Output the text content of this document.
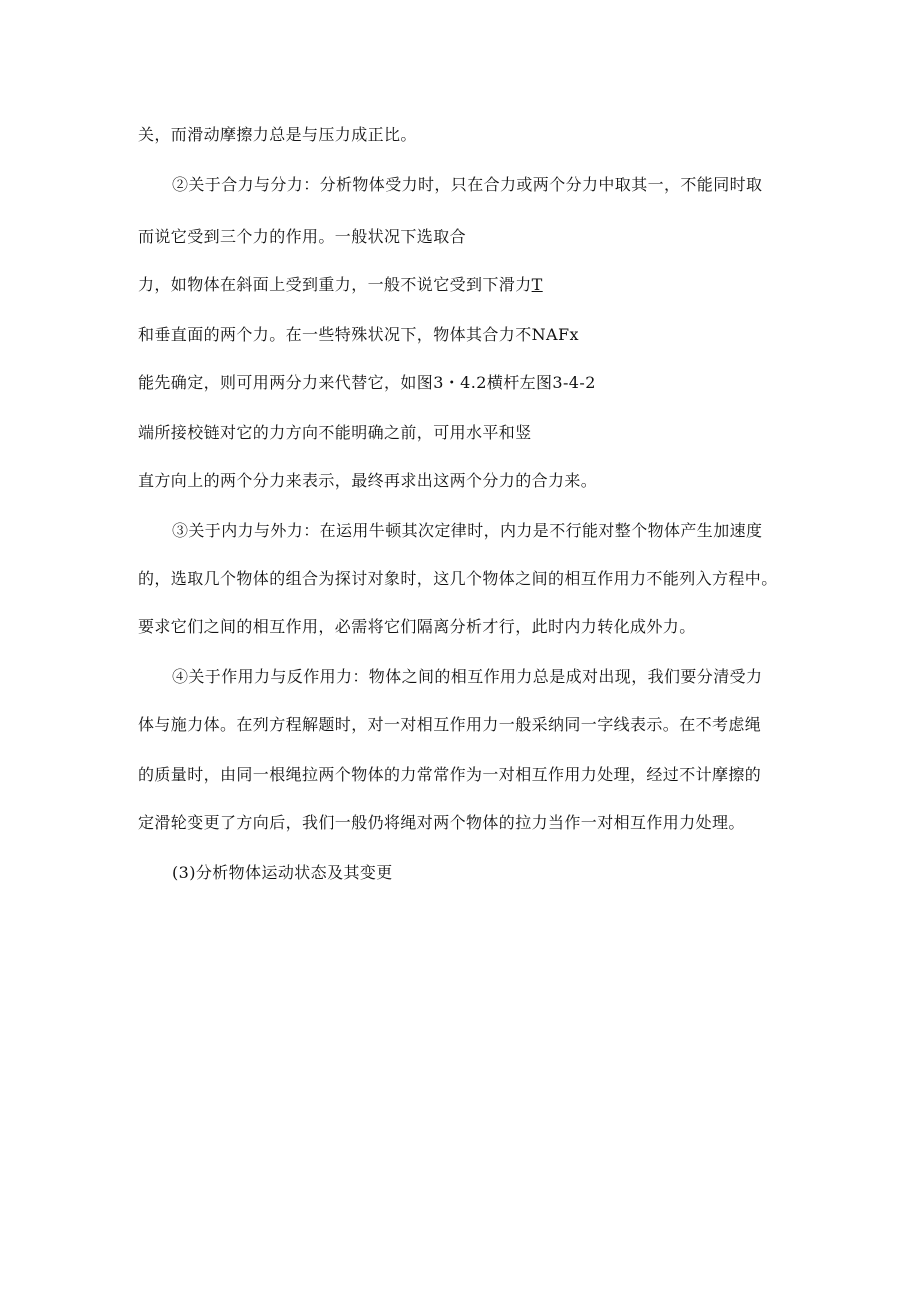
关，而滑动摩擦力总是与压力成正比。
②关于合力与分力：分析物体受力时，只在合力或两个分力中取其一，不能同时取
而说它受到三个力的作用。一般状况下选取合
力，如物体在斜面上受到重力，一般不说它受到下滑力T
和垂直面的两个力。在一些特殊状况下，物体其合力不NAFx
能先确定，则可用两分力来代替它，如图3・4.2横杆左图3-4-2
端所接校链对它的力方向不能明确之前，可用水平和竖
直方向上的两个分力来表示，最终再求出这两个分力的合力来。
③关于内力与外力：在运用牛顿其次定律时，内力是不行能对整个物体产生加速度
的，选取几个物体的组合为探讨对象时，这几个物体之间的相互作用力不能列入方程中。
要求它们之间的相互作用，必需将它们隔离分析才行，此时内力转化成外力。
④关于作用力与反作用力：物体之间的相互作用力总是成对出现，我们要分清受力
体与施力体。在列方程解题时，对一对相互作用力一般采纳同一字线表示。在不考虑绳
的质量时，由同一根绳拉两个物体的力常常作为一对相互作用力处理，经过不计摩擦的
定滑轮变更了方向后，我们一般仍将绳对两个物体的拉力当作一对相互作用力处理。
(3)分析物体运动状态及其变更
